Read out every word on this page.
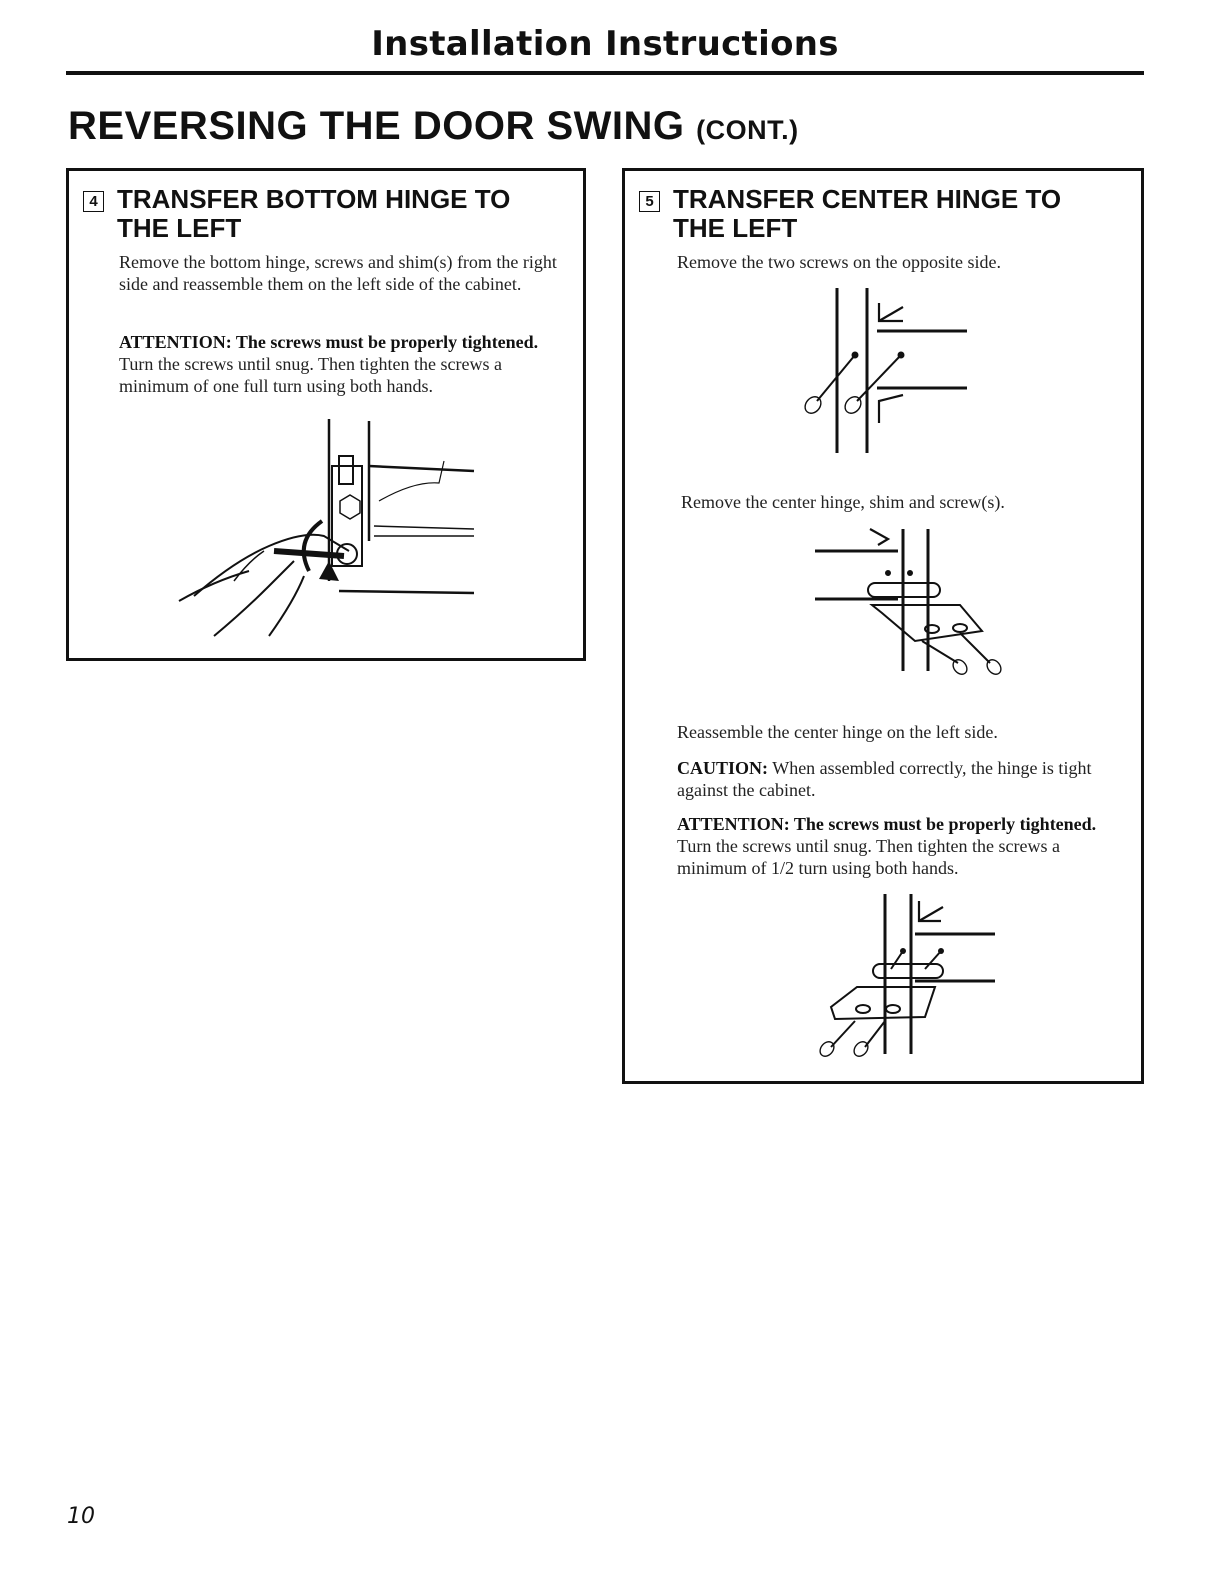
Installation Instructions
REVERSING THE DOOR SWING (CONT.)
4 TRANSFER BOTTOM HINGE TO THE LEFT
Remove the bottom hinge, screws and shim(s) from the right side and reassemble them on the left side of the cabinet.
ATTENTION: The screws must be properly tightened. Turn the screws until snug. Then tighten the screws a minimum of one full turn using both hands.
5 TRANSFER CENTER HINGE TO THE LEFT
Remove the two screws on the opposite side.
Remove the center hinge, shim and screw(s).
Reassemble the center hinge on the left side.
CAUTION: When assembled correctly, the hinge is tight against the cabinet.
ATTENTION: The screws must be properly tightened. Turn the screws until snug. Then tighten the screws a minimum of 1/2 turn using both hands.
10
